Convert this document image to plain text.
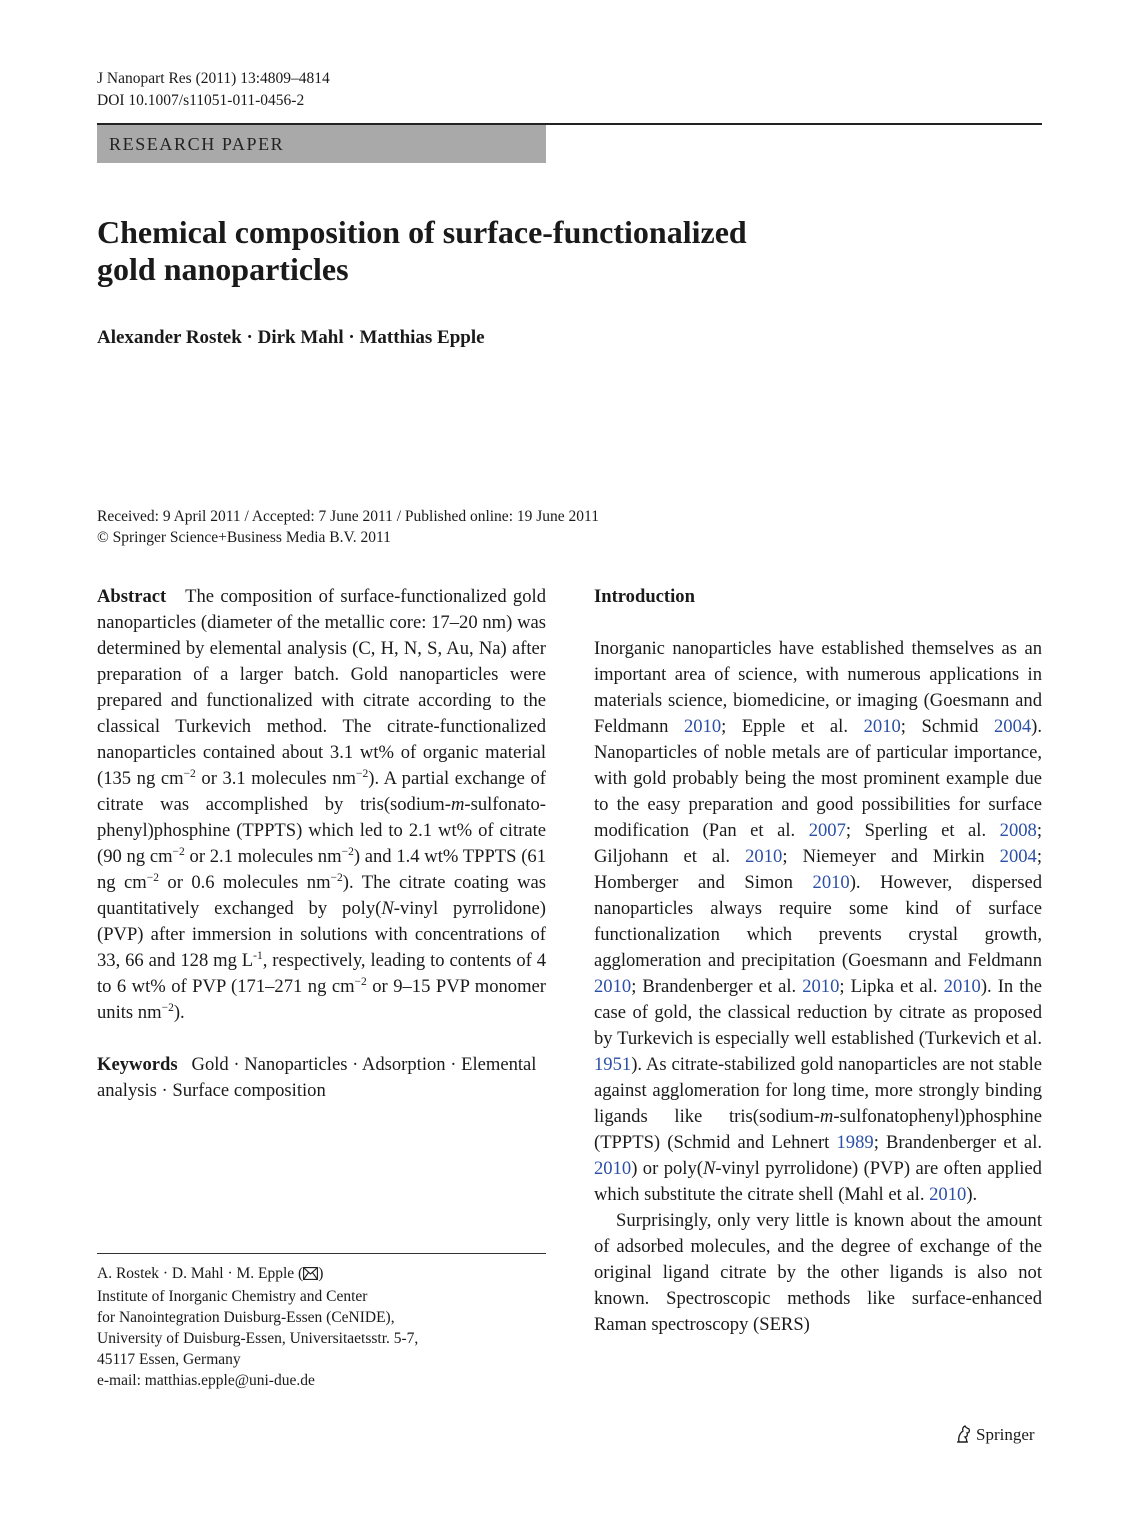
J Nanopart Res (2011) 13:4809–4814
DOI 10.1007/s11051-011-0456-2
RESEARCH PAPER
Chemical composition of surface-functionalized
gold nanoparticles
Alexander Rostek · Dirk Mahl · Matthias Epple
Received: 9 April 2011 / Accepted: 7 June 2011 / Published online: 19 June 2011
© Springer Science+Business Media B.V. 2011

Abstract The composition of surface-functionalized gold nanoparticles (diameter of the metallic core: 17–20 nm) was determined by elemental analysis (C, H, N, S, Au, Na) after preparation of a larger batch. Gold nanoparticles were prepared and functionalized with citrate according to the classical Turkevich method. The citrate-functionalized nanoparticles contained about 3.1 wt% of organic material (135 ng $cm^{-2}$ or 3.1 molecules $nm^{-2}$). A partial exchange of citrate was accomplished by tris(sodium-m-sulfonato-phenyl)phosphine (TPPTS) which led to 2.1 wt% of citrate (90 ng $cm^{-2}$ or 2.1 molecules $nm^{-2}$) and 1.4 wt% TPPTS (61 ng $cm^{-2}$ or 0.6 molecules $nm^{-2}$). The citrate coating was quantitatively exchanged by poly(N-vinyl pyrrolidone) (PVP) after immersion in solutions with concentrations of 33, 66 and 128 mg $L^{-1}$, respectively, leading to contents of 4 to 6 wt% of PVP (171–271 ng $cm^{-2}$ or 9–15 PVP monomer units $nm^{-2}$).

Keywords Gold · Nanoparticles · Adsorption · Elemental analysis · Surface composition

A. Rostek · D. Mahl · M. Epple ( )
Institute of Inorganic Chemistry and Center
for Nanointegration Duisburg-Essen (CeNIDE),
University of Duisburg-Essen, Universitaetsstr. 5-7,
45117 Essen, Germany
e-mail: matthias.epple@uni-due.de

Introduction

Inorganic nanoparticles have established themselves as an important area of science, with numerous applications in materials science, biomedicine, or imaging (Goesmann and Feldmann 2010; Epple et al. 2010; Schmid 2004). Nanoparticles of noble metals are of particular importance, with gold probably being the most prominent example due to the easy preparation and good possibilities for surface modification (Pan et al. 2007; Sperling et al. 2008; Giljohann et al. 2010; Niemeyer and Mirkin 2004; Homberger and Simon 2010). However, dispersed nanoparticles always require some kind of surface functionalization which prevents crystal growth, agglomeration and precipitation (Goesmann and Feldmann 2010; Brandenberger et al. 2010; Lipka et al. 2010). In the case of gold, the classical reduction by citrate as proposed by Turkevich is especially well established (Turkevich et al. 1951). As citrate-stabilized gold nanoparticles are not stable against agglomeration for long time, more strongly binding ligands like tris(sodium-m-sulfonatophenyl)phosphine (TPPTS) (Schmid and Lehnert 1989; Brandenberger et al. 2010) or poly(N-vinyl pyrrolidone) (PVP) are often applied which substitute the citrate shell (Mahl et al. 2010).

Surprisingly, only very little is known about the amount of adsorbed molecules, and the degree of exchange of the original ligand citrate by the other ligands is also not known. Spectroscopic methods like surface-enhanced Raman spectroscopy (SERS)

Springer
